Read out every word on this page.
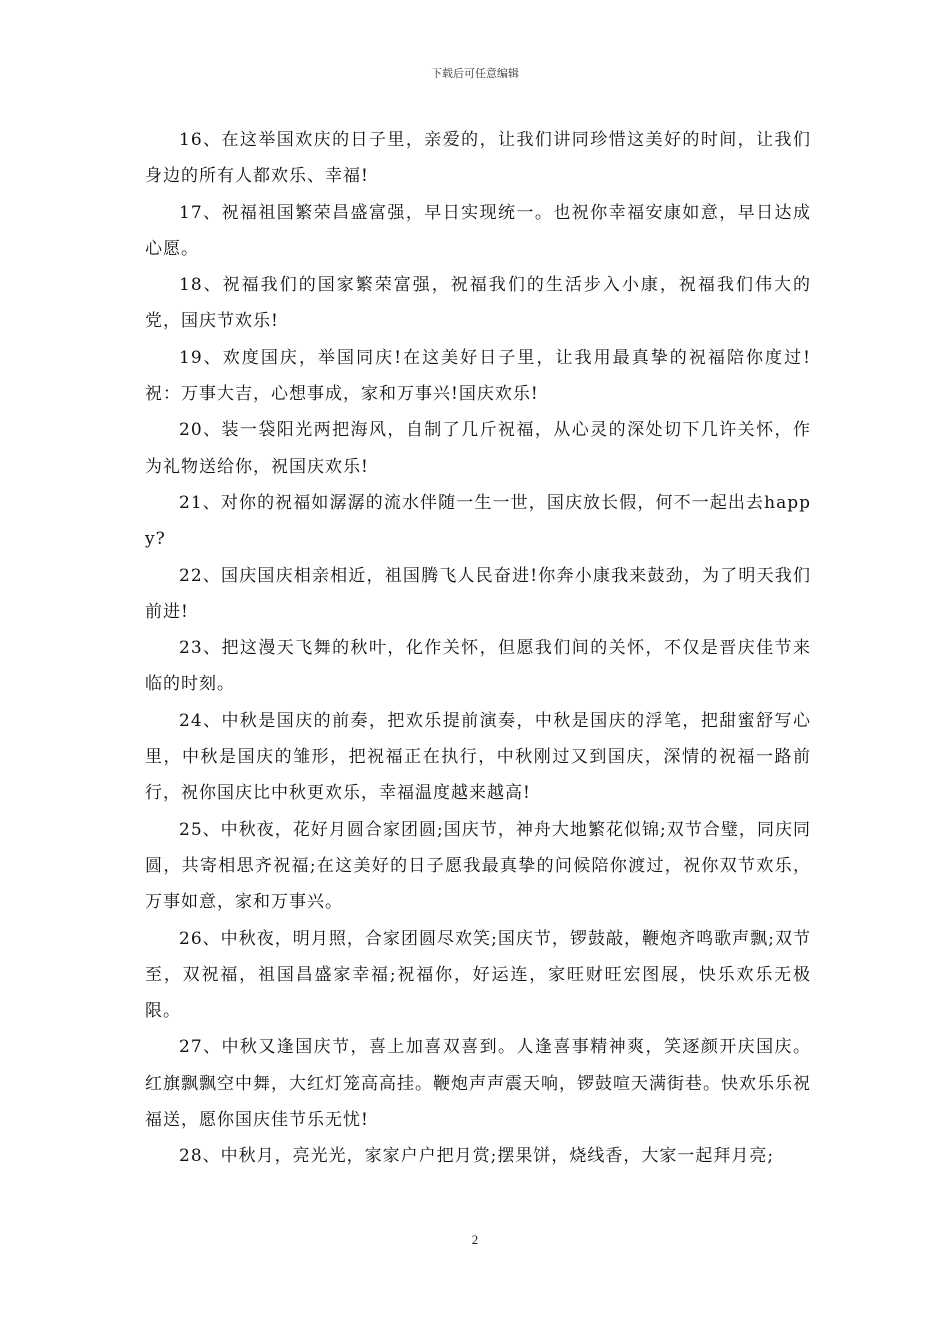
下载后可任意编辑

16、在这举国欢庆的日子里，亲爱的，让我们讲同珍惜这美好的时间，让我们身边的所有人都欢乐、幸福!

17、祝福祖国繁荣昌盛富强，早日实现统一。也祝你幸福安康如意，早日达成心愿。

18、祝福我们的国家繁荣富强，祝福我们的生活步入小康，祝福我们伟大的党，国庆节欢乐!

19、欢度国庆，举国同庆!在这美好日子里，让我用最真挚的祝福陪你度过!祝：万事大吉，心想事成，家和万事兴!国庆欢乐!

20、装一袋阳光两把海风，自制了几斤祝福，从心灵的深处切下几许关怀，作为礼物送给你，祝国庆欢乐!

21、对你的祝福如潺潺的流水伴随一生一世，国庆放长假，何不一起出去happy?

22、国庆国庆相亲相近，祖国腾飞人民奋进!你奔小康我来鼓劲，为了明天我们前进!

23、把这漫天飞舞的秋叶，化作关怀，但愿我们间的关怀，不仅是晋庆佳节来临的时刻。

24、中秋是国庆的前奏，把欢乐提前演奏，中秋是国庆的浮笔，把甜蜜舒写心里，中秋是国庆的雏形，把祝福正在执行，中秋刚过又到国庆，深情的祝福一路前行，祝你国庆比中秋更欢乐，幸福温度越来越高!

25、中秋夜，花好月圆合家团圆;国庆节，神舟大地繁花似锦;双节合璧，同庆同圆，共寄相思齐祝福;在这美好的日子愿我最真挚的问候陪你渡过，祝你双节欢乐，万事如意，家和万事兴。

26、中秋夜，明月照，合家团圆尽欢笑;国庆节，锣鼓敲，鞭炮齐鸣歌声飘;双节至，双祝福，祖国昌盛家幸福;祝福你，好运连，家旺财旺宏图展，快乐欢乐无极限。

27、中秋又逢国庆节，喜上加喜双喜到。人逢喜事精神爽，笑逐颜开庆国庆。红旗飘飘空中舞，大红灯笼高高挂。鞭炮声声震天响，锣鼓喧天满街巷。快欢乐乐祝福送，愿你国庆佳节乐无忧!

28、中秋月，亮光光，家家户户把月赏;摆果饼，烧线香，大家一起拜月亮;

2
